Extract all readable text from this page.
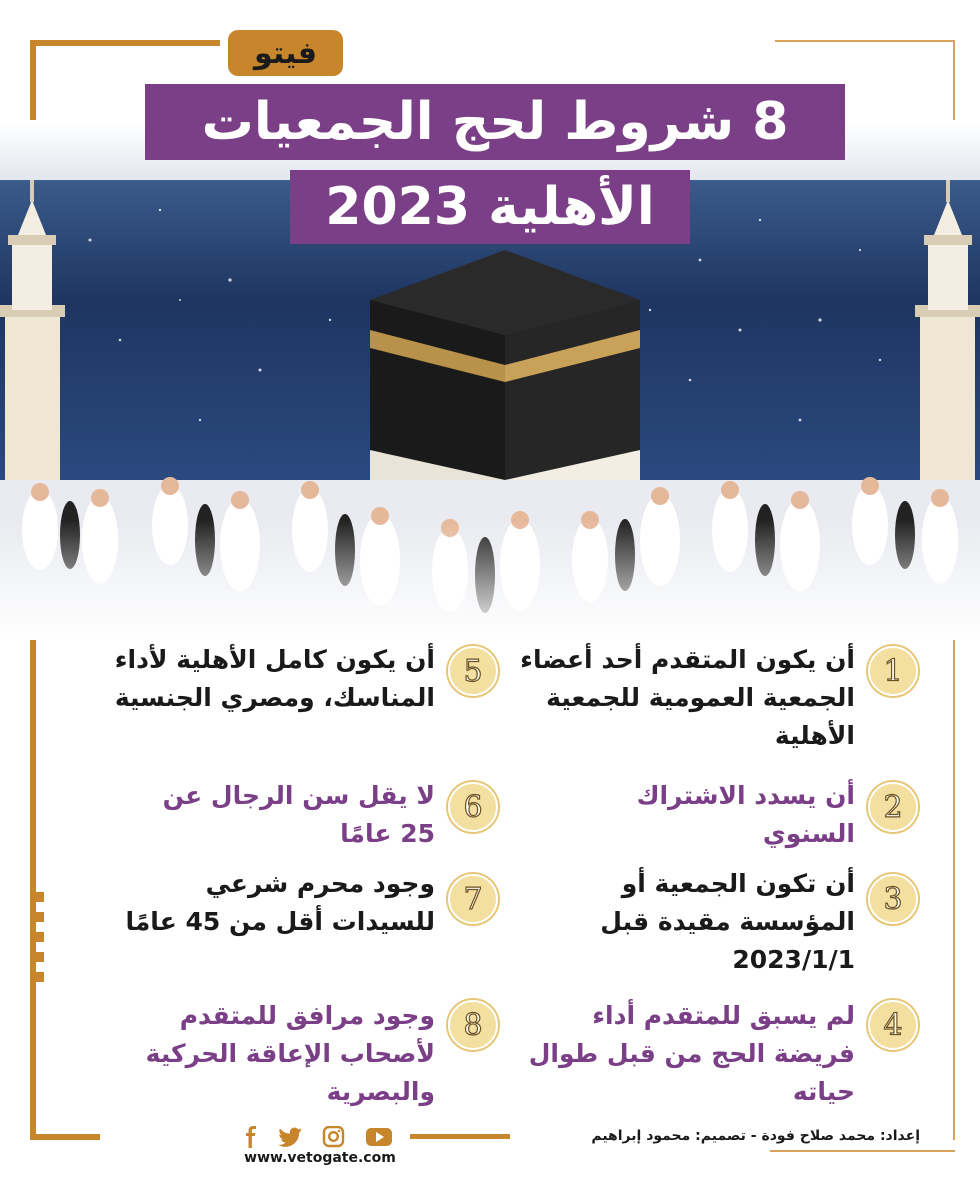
فيتو
8 شروط لحج الجمعيات
الأهلية 2023
1
أن يكون المتقدم أحد أعضاء الجمعية العمومية للجمعية الأهلية
2
أن يسدد الاشتراك السنوي
3
أن تكون الجمعية أو المؤسسة مقيدة قبل 2023/1/1
4
لم يسبق للمتقدم أداء فريضة الحج من قبل طوال حياته
5
أن يكون كامل الأهلية لأداء المناسك، ومصري الجنسية
6
لا يقل سن الرجال عن 25 عامًا
7
وجود محرم شرعي للسيدات أقل من 45 عامًا
8
وجود مرافق للمتقدم لأصحاب الإعاقة الحركية والبصرية
إعداد: محمد صلاح فودة - تصميم: محمود إبراهيم
www.vetogate.com
